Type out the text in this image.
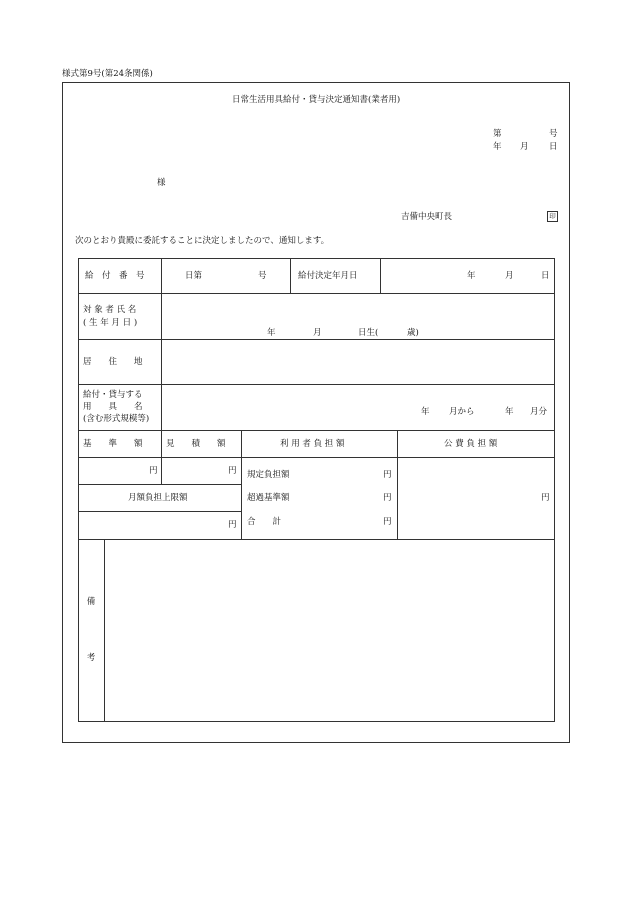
様式第9号(第24条関係)
日常生活用具給付・貸与決定通知書(業者用)
第	号
年 月 日
様
吉備中央町長	印
次のとおり貴殿に委託することに決定しましたので、通知します。
給　付　番　号	日第	号	給付決定年月日	年	月	日
対 象 者 氏 名
( 生 年 月 日 )
年	月	日生(	歳)
居　　住　　地
給付・貸与する
用　　具　　名
(含む形式規模等)
年 月から	年 月分
基　　準　　額	見　　積　　額	利 用 者 負 担 額	公 費 負 担 額
円	円
月額負担上限額
円
規定負担額	円
超過基準額	円
合　　計	円
円
備
考
